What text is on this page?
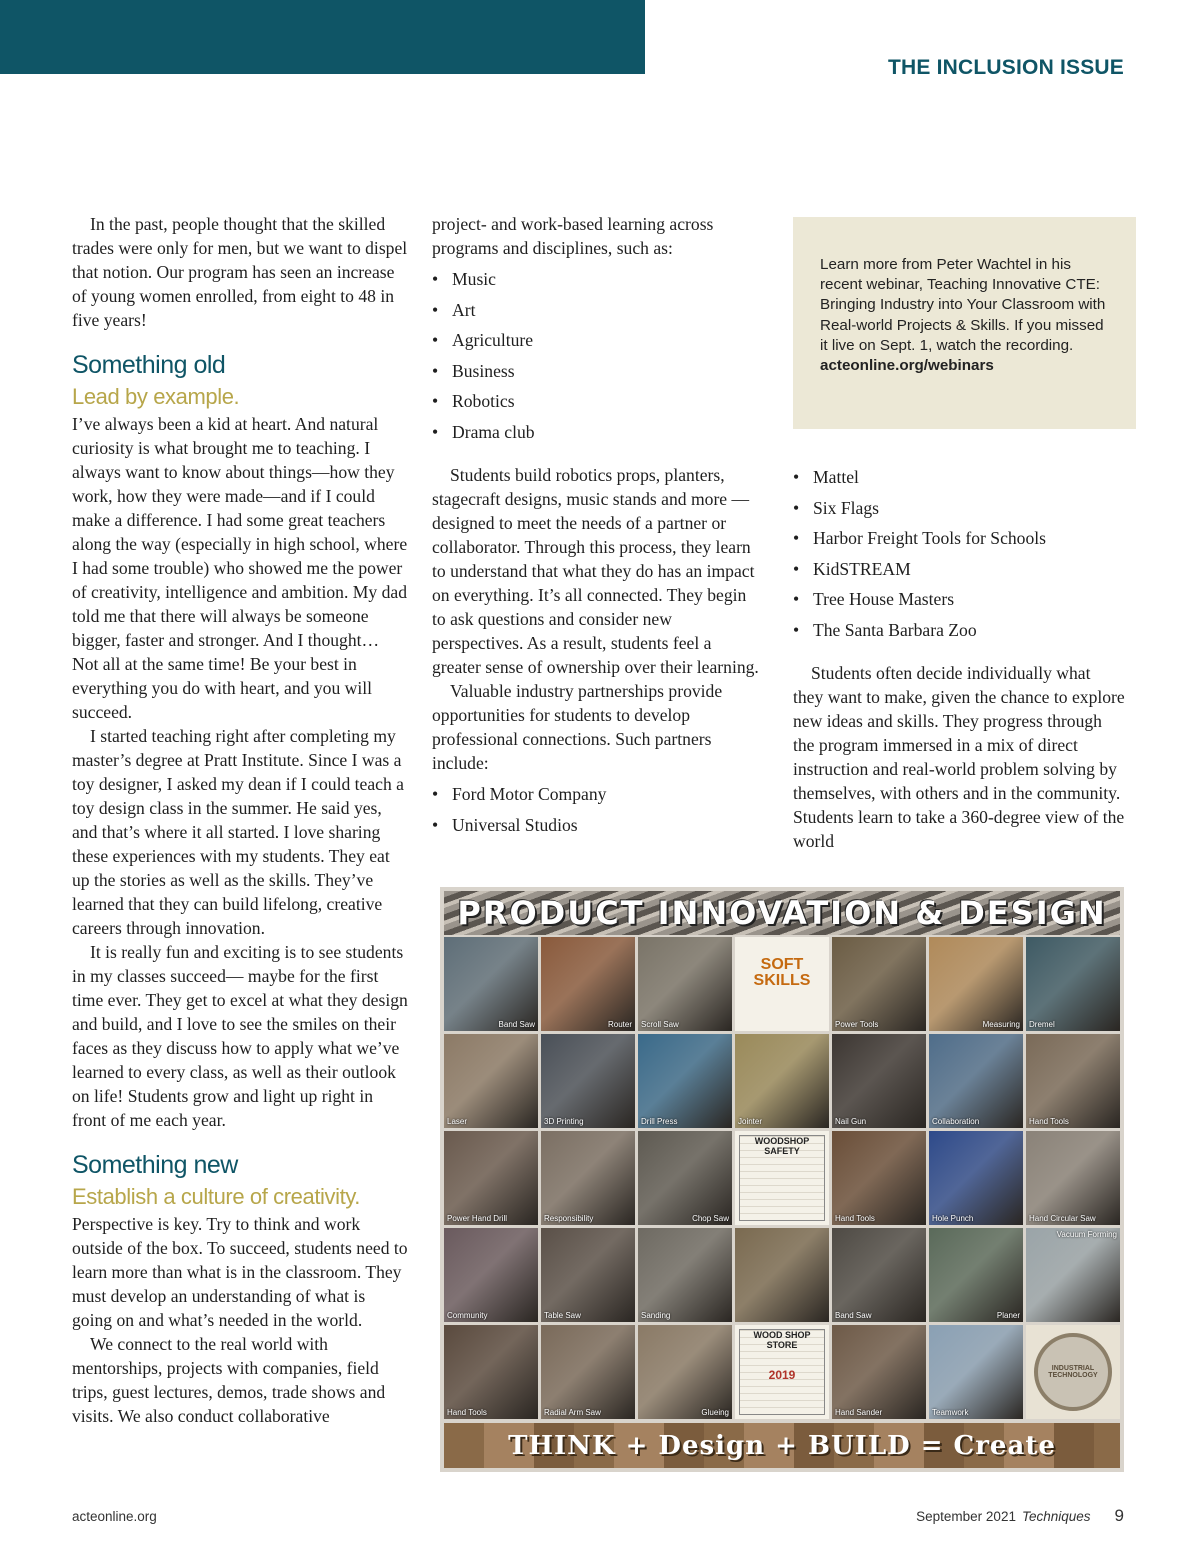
THE INCLUSION ISSUE

In the past, people thought that the skilled trades were only for men, but we want to dispel that notion. Our program has seen an increase of young women enrolled, from eight to 48 in five years!

Something old
Lead by example.

I’ve always been a kid at heart. And natural curiosity is what brought me to teaching. I always want to know about things—how they work, how they were made—and if I could make a difference. I had some great teachers along the way (especially in high school, where I had some trouble) who showed me the power of creativity, intelligence and ambition. My dad told me that there will always be someone bigger, faster and stronger. And I thought… Not all at the same time! Be your best in everything you do with heart, and you will succeed.

I started teaching right after completing my master’s degree at Pratt Institute. Since I was a toy designer, I asked my dean if I could teach a toy design class in the summer. He said yes, and that’s where it all started. I love sharing these experiences with my students. They eat up the stories as well as the skills. They’ve learned that they can build lifelong, creative careers through innovation.

It is really fun and exciting is to see students in my classes succeed— maybe for the first time ever. They get to excel at what they design and build, and I love to see the smiles on their faces as they discuss how to apply what we’ve learned to every class, as well as their outlook on life! Students grow and light up right in front of me each year.

Something new
Establish a culture of creativity.

Perspective is key. Try to think and work outside of the box. To succeed, students need to learn more than what is in the classroom. They must develop an understanding of what is going on and what’s needed in the world.

We connect to the real world with mentorships, projects with companies, field trips, guest lectures, demos, trade shows and visits. We also conduct collaborative

project- and work-based learning across programs and disciplines, such as:

• Music
• Art
• Agriculture
• Business
• Robotics
• Drama club

Students build robotics props, planters, stagecraft designs, music stands and more — designed to meet the needs of a partner or collaborator. Through this process, they learn to understand that what they do has an impact on everything. It’s all connected. They begin to ask questions and consider new perspectives. As a result, students feel a greater sense of ownership over their learning.

Valuable industry partnerships provide opportunities for students to develop professional connections. Such partners include:

• Ford Motor Company
• Universal Studios
Learn more from Peter Wachtel in his recent webinar, Teaching Innovative CTE: Bringing Industry into Your Classroom with Real-world Projects & Skills. If you missed it live on Sept. 1, watch the recording.
acteonline.org/webinars
• Mattel
• Six Flags
• Harbor Freight Tools for Schools
• KidSTREAM
• Tree House Masters
• The Santa Barbara Zoo

Students often decide individually what they want to make, given the chance to explore new ideas and skills. They progress through the program immersed in a mix of direct instruction and real-world problem solving by themselves, with others and in the community. Students learn to take a 360-degree view of the world

PRODUCT INNOVATION & DESIGN
Band Saw	Router Scroll Saw
SOFT SKILLS
Power Tools	Measuring Dremel
Laser	3D Printing	Drill Press	Jointer	Nail Gun	Collaboration	Hand Tools
Power Hand Drill	Responsibility	Chop Saw
WOODSHOP SAFETY
Hand Tools	Hole Punch	Hand Circular Saw
Community	Table Saw	Sanding	Band Saw	Planer
Vacuum Forming
Hand Tools	Radial Arm Saw	Glueing
WOOD SHOP STORE
2019
Hand Sander	Teamwork
INDUSTRIAL TECHNOLOGY
THINK + Design + BUILD = Create
acteonline.org	September 2021 Techniques 9
